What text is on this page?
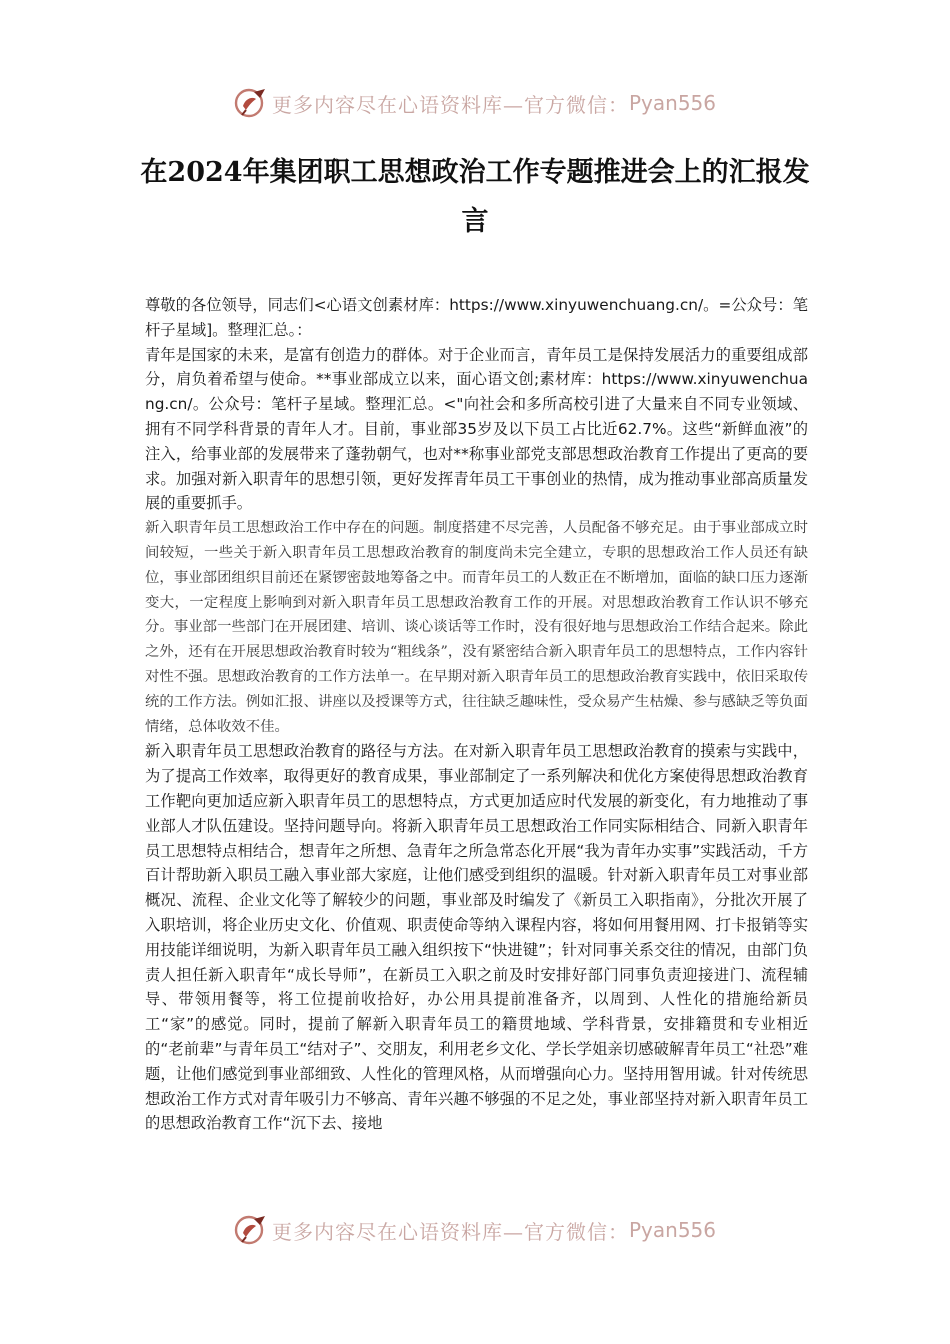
更多内容尽在心语资料库—官方微信： Pyan556
在2024年集团职工思想政治工作专题推进会上的汇报发言

尊敬的各位领导，同志们<心语文创素材库：https://www.xinyuwenchuang.cn/。=公众号：笔杆子星域]。整理汇总。：

青年是国家的未来，是富有创造力的群体。对于企业而言，青年员工是保持发展活力的重要组成部分，肩负着希望与使命。**事业部成立以来，面心语文创;素材库：https://www.xinyuwenchuang.cn/。公众号：笔杆子星域。整理汇总。<"向社会和多所高校引进了大量来自不同专业领域、拥有不同学科背景的青年人才。目前，事业部35岁及以下员工占比近62.7%。这些“新鲜血液”的注入，给事业部的发展带来了蓬勃朝气，也对**称事业部党支部思想政治教育工作提出了更高的要求。加强对新入职青年的思想引领，更好发挥青年员工干事创业的热情，成为推动事业部高质量发展的重要抓手。

新入职青年员工思想政治工作中存在的问题。制度搭建不尽完善，人员配备不够充足。由于事业部成立时间较短，一些关于新入职青年员工思想政治教育的制度尚未完全建立，专职的思想政治工作人员还有缺位，事业部团组织目前还在紧锣密鼓地筹备之中。而青年员工的人数正在不断增加，面临的缺口压力逐渐变大，一定程度上影响到对新入职青年员工思想政治教育工作的开展。对思想政治教育工作认识不够充分。事业部一些部门在开展团建、培训、谈心谈话等工作时，没有很好地与思想政治工作结合起来。除此之外，还有在开展思想政治教育时较为“粗线条”，没有紧密结合新入职青年员工的思想特点，工作内容针对性不强。思想政治教育的工作方法单一。在早期对新入职青年员工的思想政治教育实践中，依旧采取传统的工作方法。例如汇报、讲座以及授课等方式，往往缺乏趣味性，受众易产生枯燥、参与感缺乏等负面情绪，总体收效不佳。

新入职青年员工思想政治教育的路径与方法。在对新入职青年员工思想政治教育的摸索与实践中，为了提高工作效率，取得更好的教育成果，事业部制定了一系列解决和优化方案使得思想政治教育工作靶向更加适应新入职青年员工的思想特点，方式更加适应时代发展的新变化，有力地推动了事业部人才队伍建设。坚持问题导向。将新入职青年员工思想政治工作同实际相结合、同新入职青年员工思想特点相结合，想青年之所想、急青年之所急常态化开展“我为青年办实事”实践活动，千方百计帮助新入职员工融入事业部大家庭，让他们感受到组织的温暖。针对新入职青年员工对事业部概况、流程、企业文化等了解较少的问题，事业部及时编发了《新员工入职指南》，分批次开展了入职培训，将企业历史文化、价值观、职责使命等纳入课程内容，将如何用餐用网、打卡报销等实用技能详细说明，为新入职青年员工融入组织按下“快进键”；针对同事关系交往的情况，由部门负责人担任新入职青年“成长导师”，在新员工入职之前及时安排好部门同事负责迎接进门、流程辅导、带领用餐等，将工位提前收拾好，办公用具提前准备齐，以周到、人性化的措施给新员工“家”的感觉。同时，提前了解新入职青年员工的籍贯地域、学科背景，安排籍贯和专业相近的“老前辈”与青年员工“结对子”、交朋友，利用老乡文化、学长学姐亲切感破解青年员工“社恐”难题，让他们感觉到事业部细致、人性化的管理风格，从而增强向心力。坚持用智用诚。针对传统思想政治工作方式对青年吸引力不够高、青年兴趣不够强的不足之处，事业部坚持对新入职青年员工的思想政治教育工作“沉下去、接地

更多内容尽在心语资料库—官方微信： Pyan556
